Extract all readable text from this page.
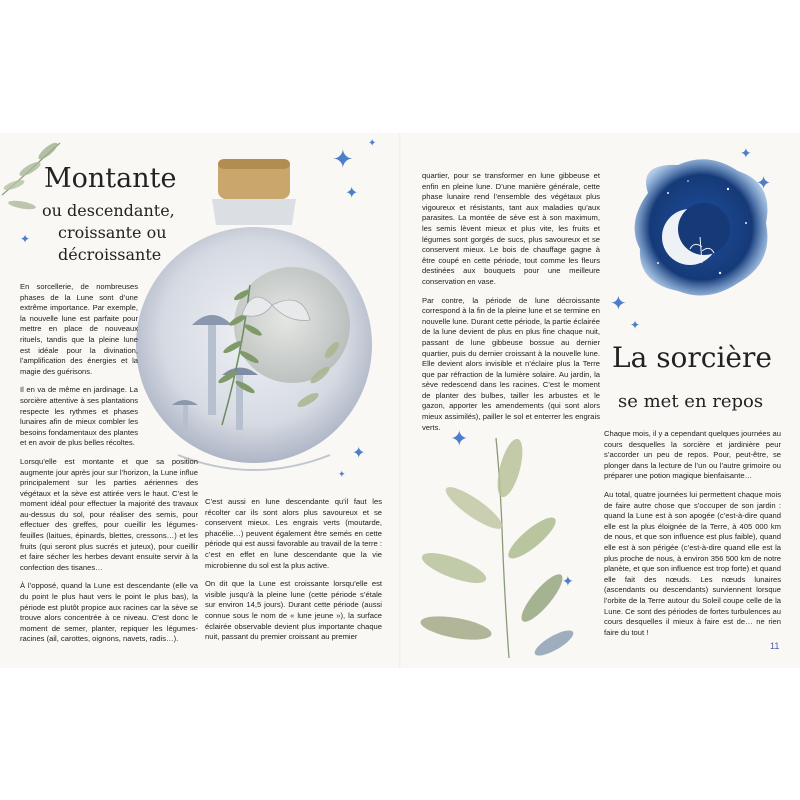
Montante
ou descendante,
croissante ou
décroissante
✦
✦
✦
✦
✦
✦

En sorcellerie, de nombreuses phases de la Lune sont d’une extrême importance. Par exemple, la nouvelle lune est parfaite pour mettre en place de nouveaux rituels, tandis que la pleine lune est idéale pour la divination, l’amplification des énergies et la magie des guérisons.

Il en va de même en jardinage. La sorcière attentive à ses plantations respecte les rythmes et phases lunaires afin de mieux combler les besoins fondamentaux des plantes et en avoir de plus belles récoltes.

Lorsqu’elle est montante et que sa position augmente jour après jour sur l’horizon, la Lune influe principalement sur les parties aériennes des végétaux et la sève est attirée vers le haut. C’est le moment idéal pour effectuer la majorité des travaux au-dessus du sol, pour réaliser des semis, pour effectuer des greffes, pour cueillir les légumes-feuilles (laitues, épinards, blettes, cressons…) et les fruits (qui seront plus sucrés et juteux), pour cueillir et faire sécher les herbes devant ensuite servir à la confection des tisanes…

À l’opposé, quand la Lune est descendante (elle va du point le plus haut vers le point le plus bas), la période est plutôt propice aux racines car la sève se trouve alors concentrée à ce niveau. C’est donc le moment de semer, planter, repiquer les légumes-racines (ail, carottes, oignons, navets, radis…).

C’est aussi en lune descendante qu’il faut les récolter car ils sont alors plus savoureux et se conservent mieux. Les engrais verts (moutarde, phacélie…) peuvent également être semés en cette période qui est aussi favorable au travail de la terre : c’est en effet en lune descendante que la vie microbienne du sol est la plus active.

On dit que la Lune est croissante lorsqu’elle est visible jusqu’à la pleine lune (cette période s’étale sur environ 14,5 jours). Durant cette période (aussi connue sous le nom de « lune jeune »), la surface éclairée observable devient plus importante chaque nuit, passant du premier croissant au premier

quartier, pour se transformer en lune gibbeuse et enfin en pleine lune. D’une manière générale, cette phase lunaire rend l’ensemble des végétaux plus vigoureux et résistants, tant aux maladies qu’aux parasites. La montée de sève est à son maximum, les semis lèvent mieux et plus vite, les fruits et légumes sont gorgés de sucs, plus savoureux et se conservent mieux. Le bois de chauffage gagne à être coupé en cette période, tout comme les fleurs destinées aux bouquets pour une meilleure conservation en vase.

Par contre, la période de lune décroissante correspond à la fin de la pleine lune et se termine en nouvelle lune. Durant cette période, la partie éclairée de la lune devient de plus en plus fine chaque nuit, passant de lune gibbeuse bossue au dernier quartier, puis du dernier croissant à la nouvelle lune. Elle devient alors invisible et n’éclaire plus la Terre que par réfraction de la lumière solaire. Au jardin, la sève redescend dans les racines. C’est le moment de planter des bulbes, tailler les arbustes et le gazon, apporter les amendements (qui sont alors mieux assimilés), pailler le sol et enterrer les engrais verts.

✦
✦
✦
✦
✦
✦
La sorcière
se met en repos

Chaque mois, il y a cependant quelques journées au cours desquelles la sorcière et jardinière peur s’accorder un peu de repos. Pour, peut-être, se plonger dans la lecture de l’un ou l’autre grimoire ou préparer une potion magique bienfaisante…

Au total, quatre journées lui permettent chaque mois de faire autre chose que s’occuper de son jardin : quand la Lune est à son apogée (c’est-à-dire quand elle est la plus éloignée de la Terre, à 405 000 km de nous, et que son influence est plus faible), quand elle est à son périgée (c’est-à-dire quand elle est la plus proche de nous, à environ 356 500 km de notre planète, et que son influence est trop forte) et quand elle fait des nœuds. Les nœuds lunaires (ascendants ou descendants) surviennent lorsque l’orbite de la Terre autour du Soleil coupe celle de la Lune. Ce sont des périodes de fortes turbulences au cours desquelles il mieux à faire est de… ne rien faire du tout !

11
